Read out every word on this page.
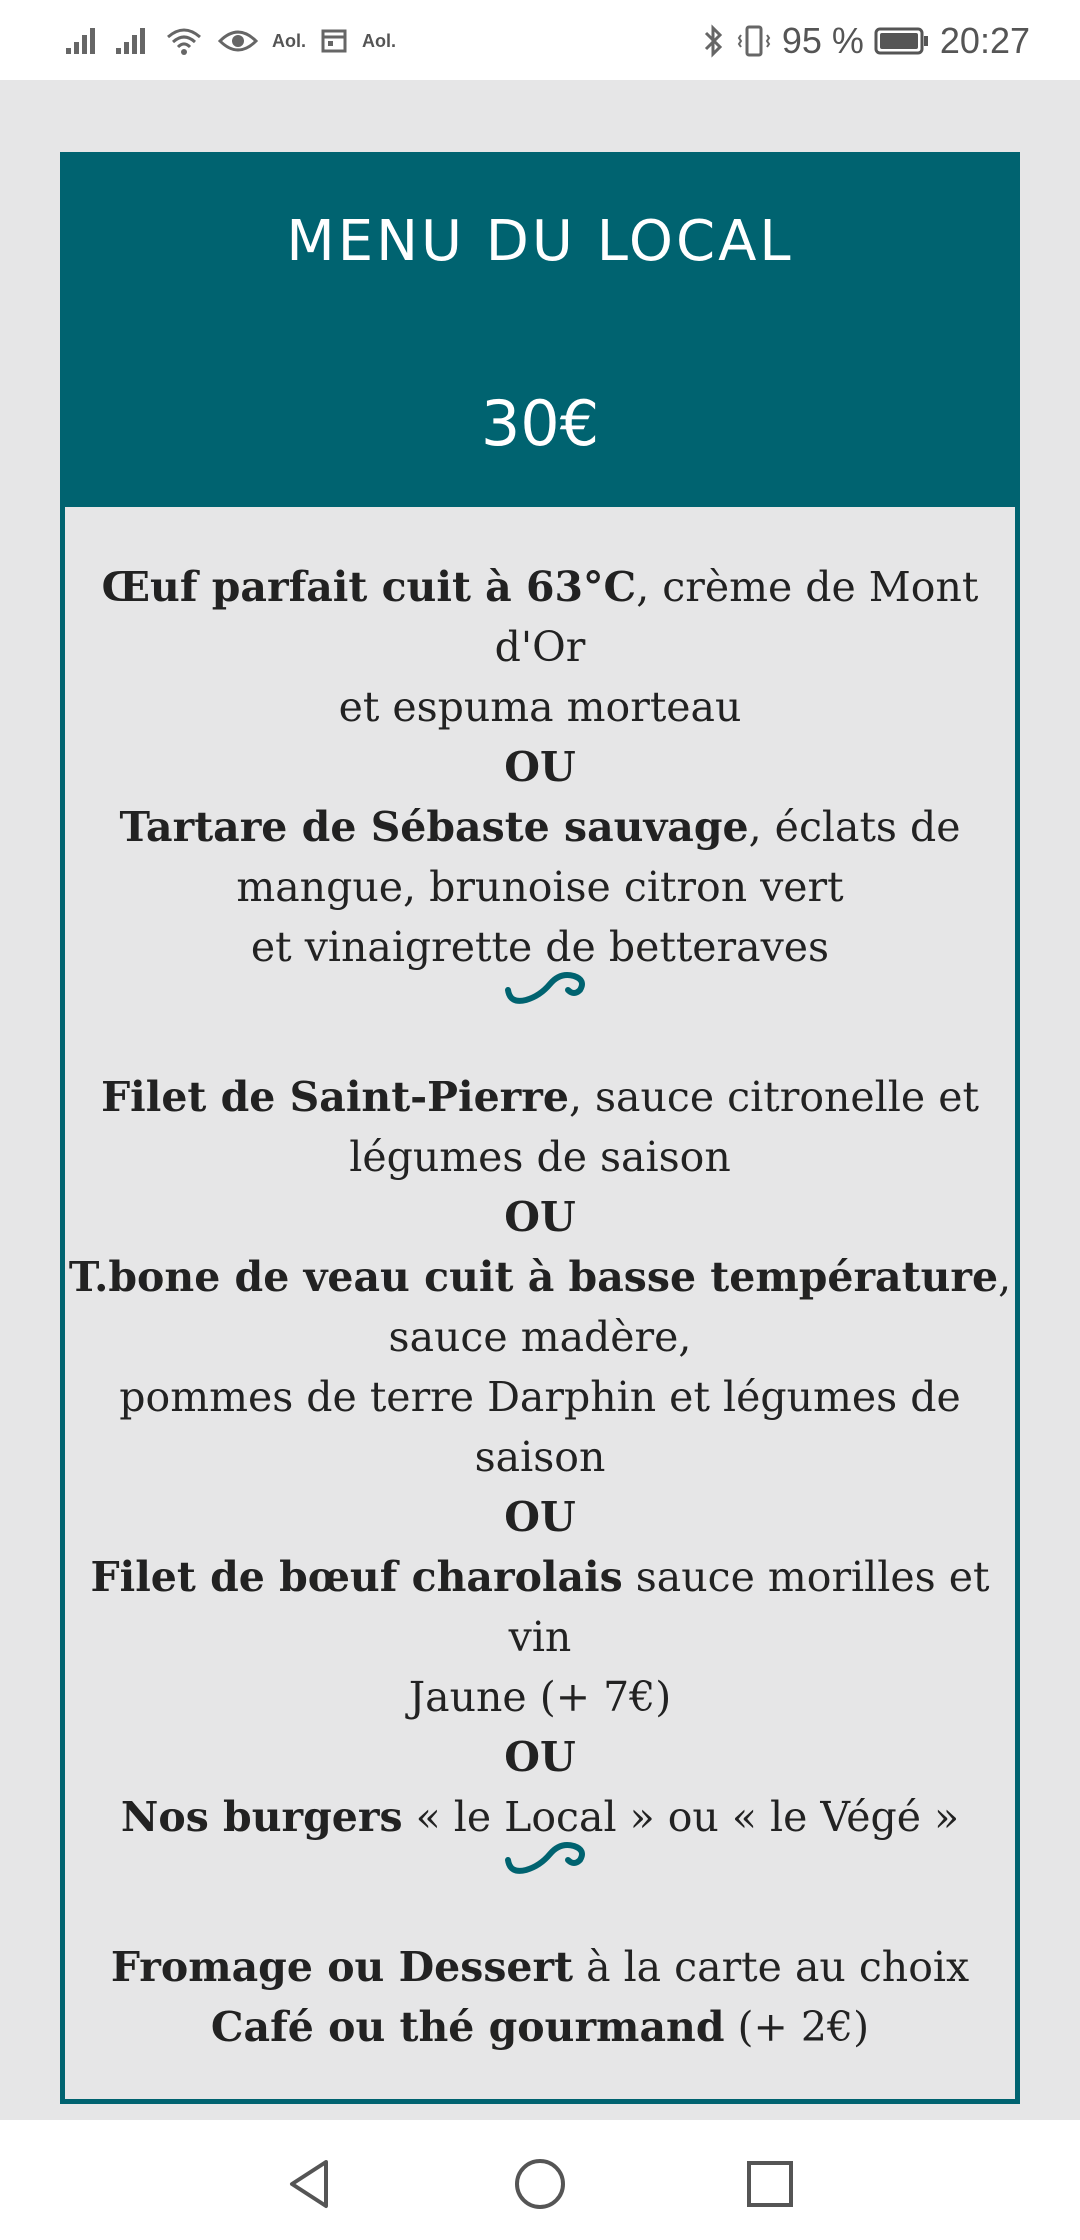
Aol.	Aol.	95 % 20:27
MENU DU LOCAL
30€
Œuf parfait cuit à 63°C, crème de Mont d'Or
et espuma morteau
OU
Tartare de Sébaste sauvage, éclats de
mangue, brunoise citron vert
et vinaigrette de betteraves
Filet de Saint-Pierre, sauce citronelle et
légumes de saison
OU
T.bone de veau cuit à basse température,
sauce madère,
pommes de terre Darphin et légumes de
saison
OU
Filet de bœuf charolais sauce morilles et vin
Jaune (+ 7€)
OU
Nos burgers « le Local » ou « le Végé »
Fromage ou Dessert à la carte au choix
Café ou thé gourmand (+ 2€)
